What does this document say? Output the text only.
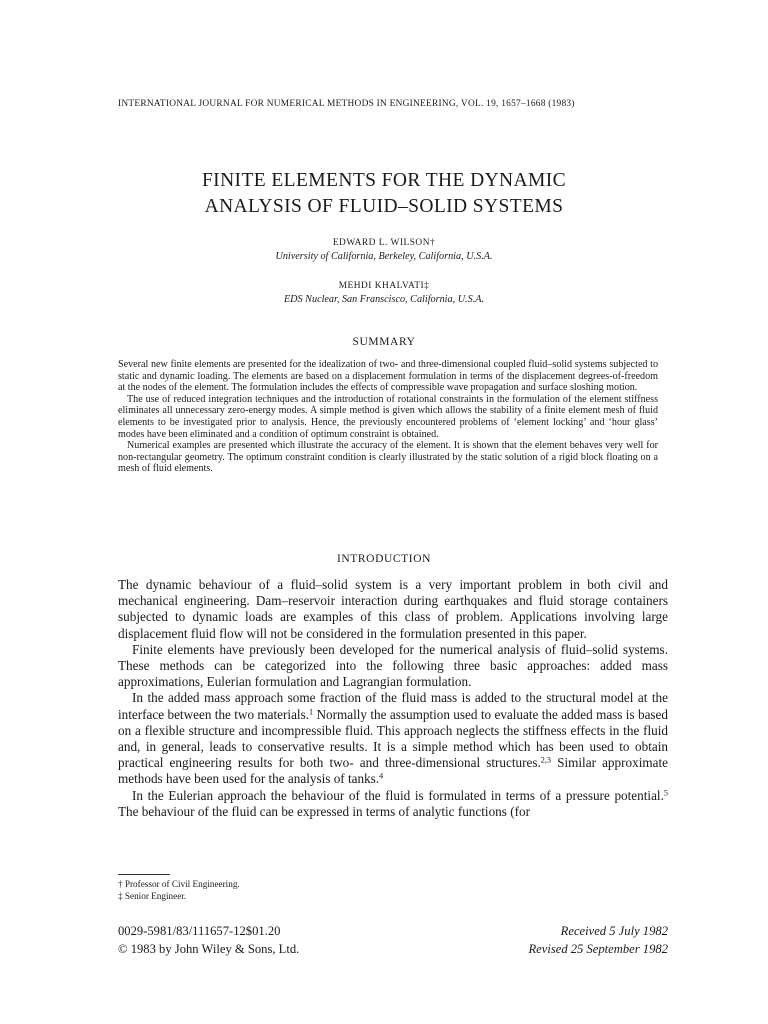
INTERNATIONAL JOURNAL FOR NUMERICAL METHODS IN ENGINEERING, VOL. 19, 1657–1668 (1983)
FINITE ELEMENTS FOR THE DYNAMIC
ANALYSIS OF FLUID–SOLID SYSTEMS
EDWARD L. WILSON†
University of California, Berkeley, California, U.S.A.
MEHDI KHALVATI‡
EDS Nuclear, San Franscisco, California, U.S.A.
SUMMARY

Several new finite elements are presented for the idealization of two- and three-dimensional coupled fluid–solid systems subjected to static and dynamic loading. The elements are based on a displacement formulation in terms of the displacement degrees-of-freedom at the nodes of the element. The formulation includes the effects of compressible wave propagation and surface sloshing motion.

The use of reduced integration techniques and the introduction of rotational constraints in the formulation of the element stiffness eliminates all unnecessary zero-energy modes. A simple method is given which allows the stability of a finite element mesh of fluid elements to be investigated prior to analysis. Hence, the previously encountered problems of ‘element locking’ and ‘hour glass’ modes have been eliminated and a condition of optimum constraint is obtained.

Numerical examples are presented which illustrate the accuracy of the element. It is shown that the element behaves very well for non-rectangular geometry. The optimum constraint condition is clearly illustrated by the static solution of a rigid block floating on a mesh of fluid elements.

INTRODUCTION

The dynamic behaviour of a fluid–solid system is a very important problem in both civil and mechanical engineering. Dam–reservoir interaction during earthquakes and fluid storage containers subjected to dynamic loads are examples of this class of problem. Applications involving large displacement fluid flow will not be considered in the formulation presented in this paper.

Finite elements have previously been developed for the numerical analysis of fluid–solid systems. These methods can be categorized into the following three basic approaches: added mass approximations, Eulerian formulation and Lagrangian formulation.

In the added mass approach some fraction of the fluid mass is added to the structural model at the interface between the two materials.$^1$ Normally the assumption used to evaluate the added mass is based on a flexible structure and incompressible fluid. This approach neglects the stiffness effects in the fluid and, in general, leads to conservative results. It is a simple method which has been used to obtain practical engineering results for both two- and three-dimensional structures.$^{2,3}$ Similar approximate methods have been used for the analysis of tanks.$^4$

In the Eulerian approach the behaviour of the fluid is formulated in terms of a pressure potential.$^5$ The behaviour of the fluid can be expressed in terms of analytic functions (for

† Professor of Civil Engineering.
‡ Senior Engineer.
0029-5981/83/111657-12$01.20
© 1983 by John Wiley & Sons, Ltd.
Received 5 July 1982
Revised 25 September 1982
